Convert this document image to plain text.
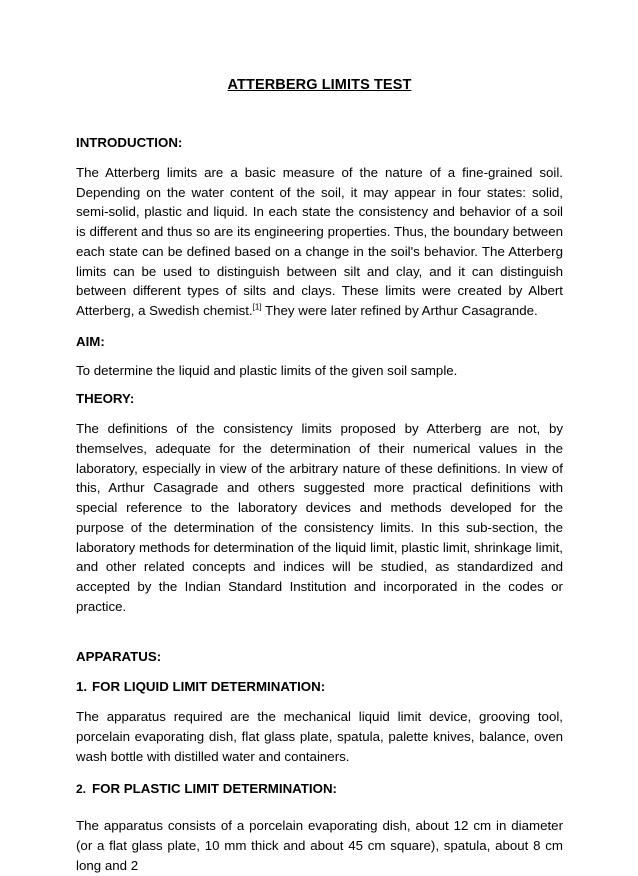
ATTERBERG LIMITS TEST
INTRODUCTION:

The Atterberg limits are a basic measure of the nature of a fine-grained soil. Depending on the water content of the soil, it may appear in four states: solid, semi-solid, plastic and liquid. In each state the consistency and behavior of a soil is different and thus so are its engineering properties. Thus, the boundary between each state can be defined based on a change in the soil's behavior. The Atterberg limits can be used to distinguish between silt and clay, and it can distinguish between different types of silts and clays. These limits were created by Albert Atterberg, a Swedish chemist.[1] They were later refined by Arthur Casagrande.

AIM:

To determine the liquid and plastic limits of the given soil sample.

THEORY:

The definitions of the consistency limits proposed by Atterberg are not, by themselves, adequate for the determination of their numerical values in the laboratory, especially in view of the arbitrary nature of these definitions. In view of this, Arthur Casagrade and others suggested more practical definitions with special reference to the laboratory devices and methods developed for the purpose of the determination of the consistency limits. In this sub-section, the laboratory methods for determination of the liquid limit, plastic limit, shrinkage limit, and other related concepts and indices will be studied, as standardized and accepted by the Indian Standard Institution and incorporated in the codes or practice.

APPARATUS:
1. FOR LIQUID LIMIT DETERMINATION:

The apparatus required are the mechanical liquid limit device, grooving tool, porcelain evaporating dish, flat glass plate, spatula, palette knives, balance, oven wash bottle with distilled water and containers.

2. FOR PLASTIC LIMIT DETERMINATION:

The apparatus consists of a porcelain evaporating dish, about 12 cm in diameter (or a flat glass plate, 10 mm thick and about 45 cm square), spatula, about 8 cm long and 2
